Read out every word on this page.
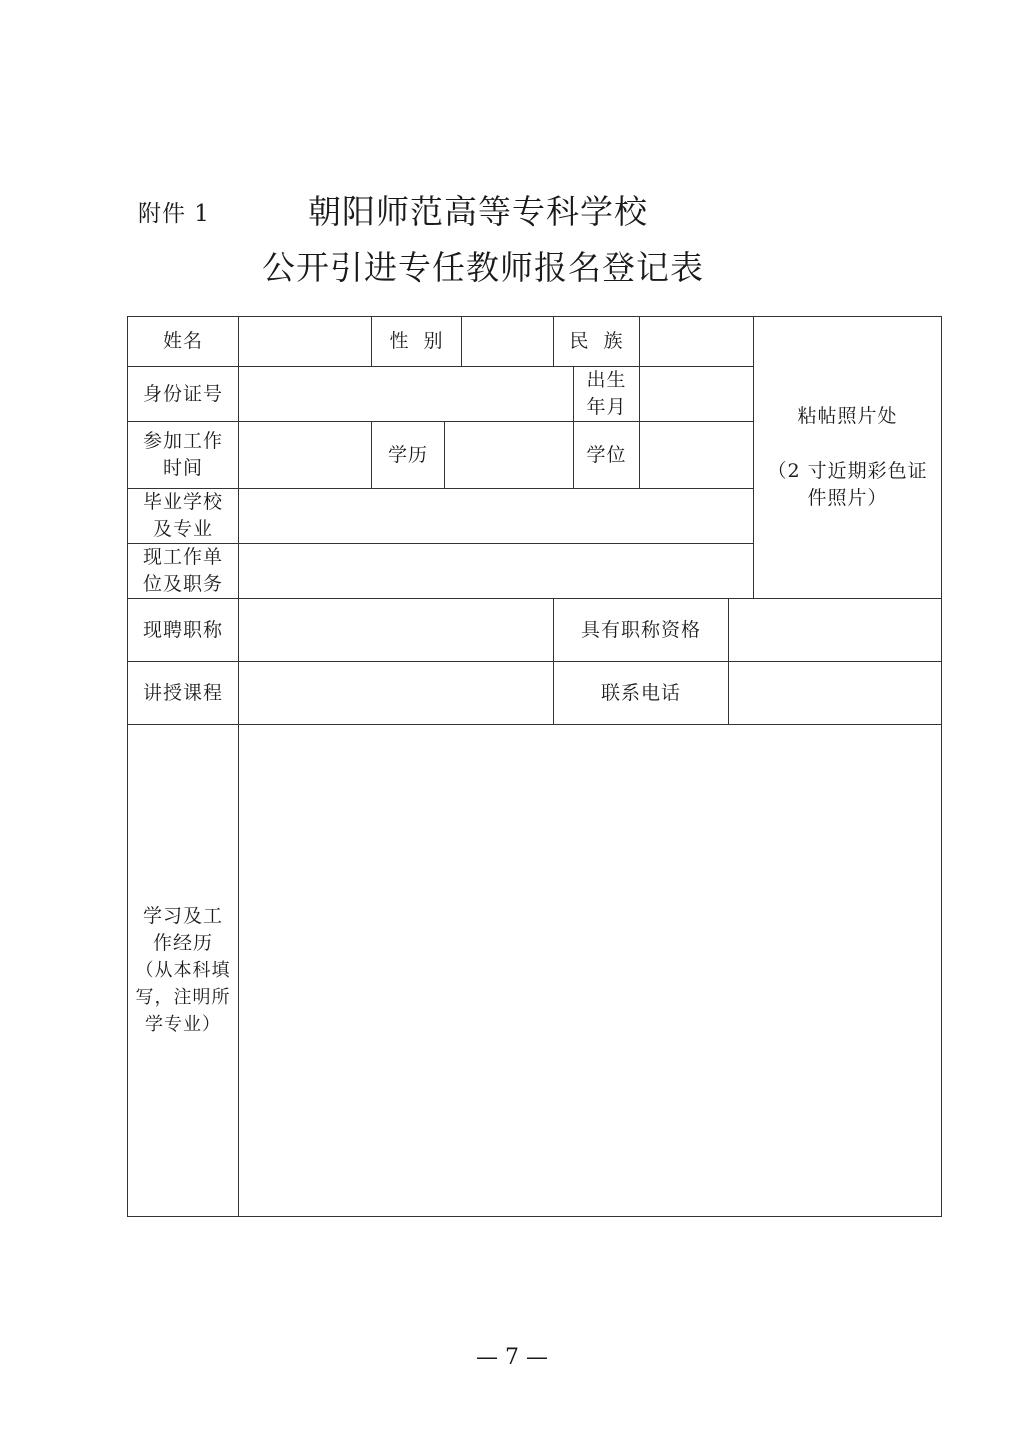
附件 1	朝阳师范高等专科学校
公开引进专任教师报名登记表
姓名		性  别			民  族				粘帖照片处
（2 寸近期彩色证
件照片）

身份证号						出生
年月			

参加工作
时间		学历				学位			

毕业学校
及专业									

现工作单
位及职务									

现聘职称					具有职称资格				
讲授课程					联系电话				

学习及工
作经历
（从本科填
写，注明所
学专业）									

— 7 —
